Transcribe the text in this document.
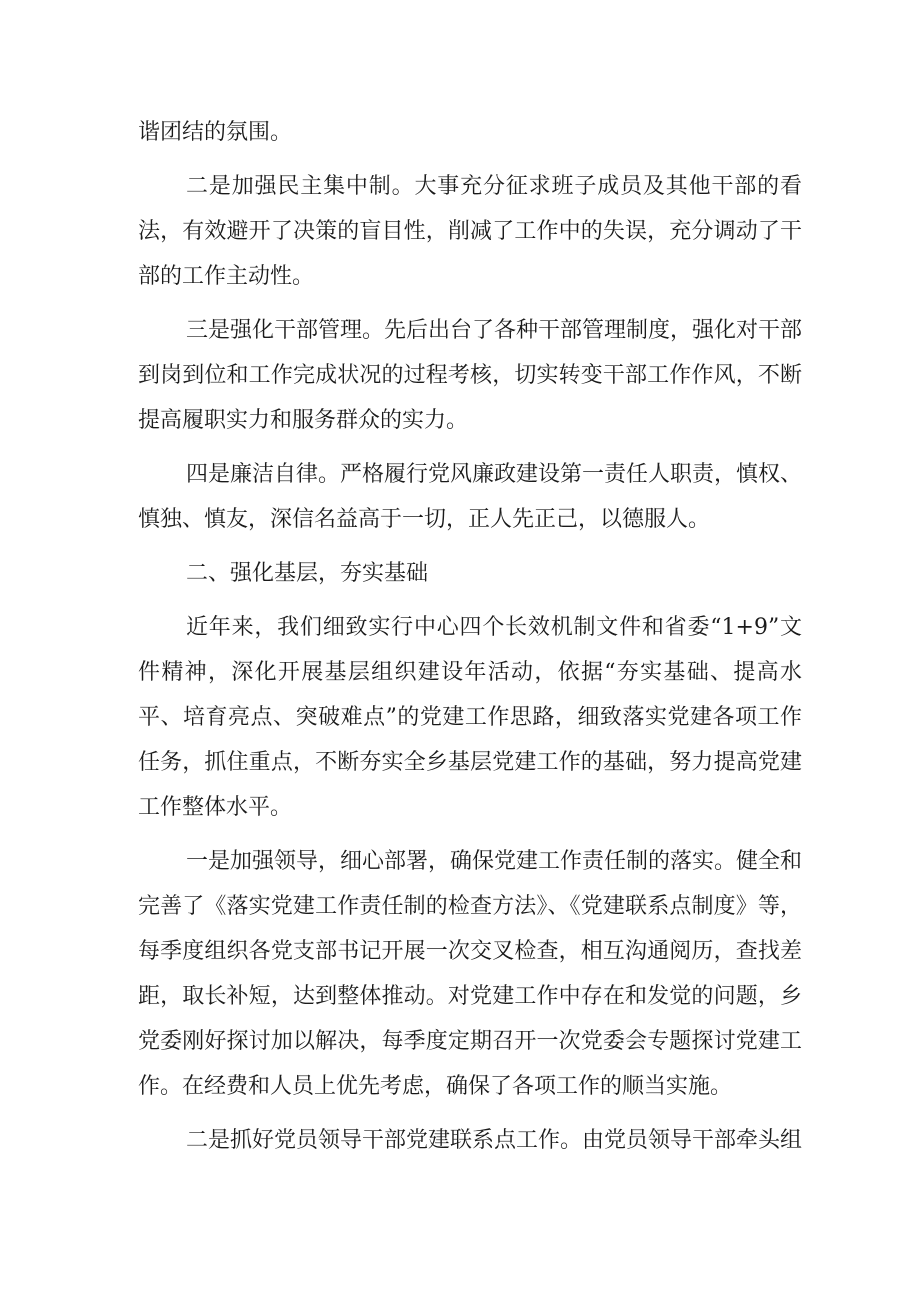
谐团结的氛围。

二是加强民主集中制。大事充分征求班子成员及其他干部的看法，有效避开了决策的盲目性，削减了工作中的失误，充分调动了干部的工作主动性。

三是强化干部管理。先后出台了各种干部管理制度，强化对干部到岗到位和工作完成状况的过程考核，切实转变干部工作作风，不断提高履职实力和服务群众的实力。

四是廉洁自律。严格履行党风廉政建设第一责任人职责，慎权、慎独、慎友，深信名益高于一切，正人先正己，以德服人。

二、强化基层，夯实基础

近年来，我们细致实行中心四个长效机制文件和省委“1+9”文件精神，深化开展基层组织建设年活动，依据“夯实基础、提高水平、培育亮点、突破难点”的党建工作思路，细致落实党建各项工作任务，抓住重点，不断夯实全乡基层党建工作的基础，努力提高党建工作整体水平。

一是加强领导，细心部署，确保党建工作责任制的落实。健全和完善了《落实党建工作责任制的检查方法》、《党建联系点制度》等，每季度组织各党支部书记开展一次交叉检查，相互沟通阅历，查找差距，取长补短，达到整体推动。对党建工作中存在和发觉的问题，乡党委刚好探讨加以解决，每季度定期召开一次党委会专题探讨党建工作。在经费和人员上优先考虑，确保了各项工作的顺当实施。

二是抓好党员领导干部党建联系点工作。由党员领导干部牵头组
